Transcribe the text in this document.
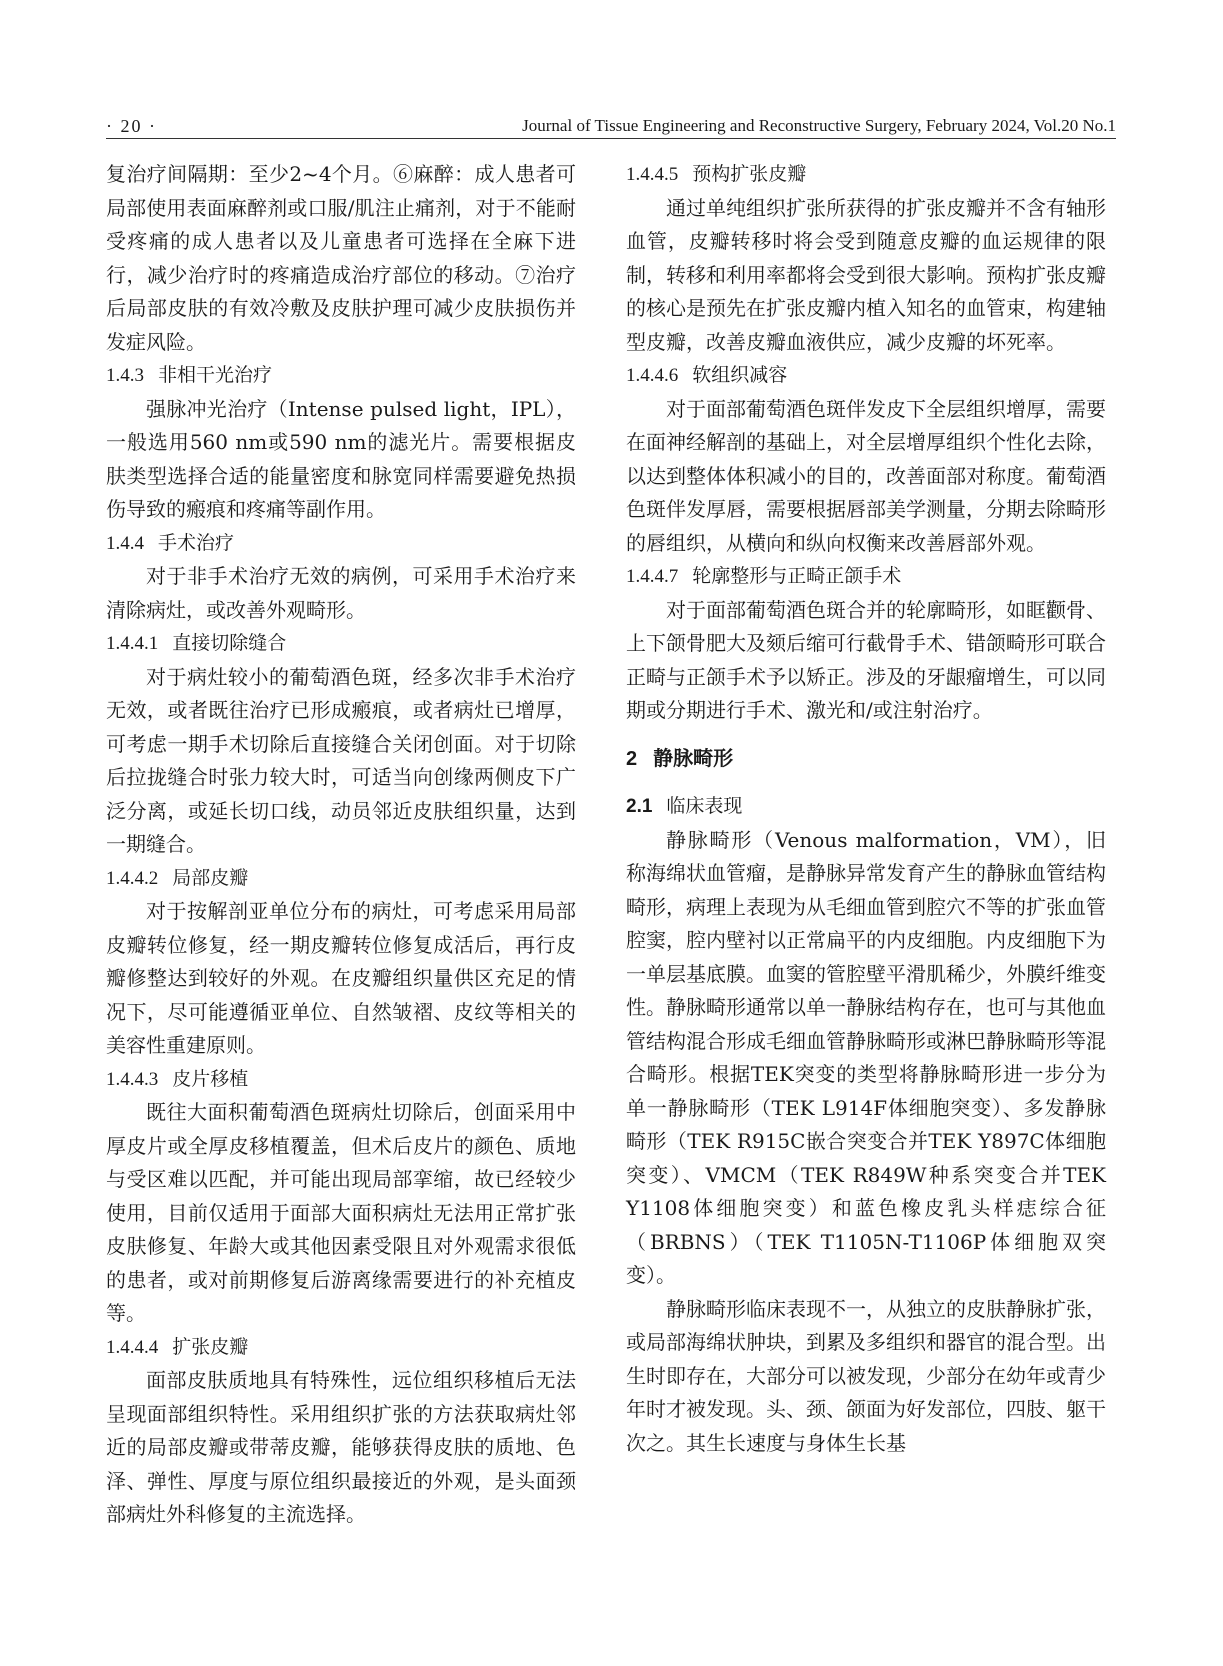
· 20 ·	Journal of Tissue Engineering and Reconstructive Surgery, February 2024, Vol.20 No.1

复治疗间隔期：至少2~4个月。⑥麻醉：成人患者可局部使用表面麻醉剂或口服/肌注止痛剂，对于不能耐受疼痛的成人患者以及儿童患者可选择在全麻下进行，减少治疗时的疼痛造成治疗部位的移动。⑦治疗后局部皮肤的有效冷敷及皮肤护理可减少皮肤损伤并发症风险。

1.4.3 非相干光治疗

强脉冲光治疗（Intense pulsed light，IPL），一般选用560 nm或590 nm的滤光片。需要根据皮肤类型选择合适的能量密度和脉宽同样需要避免热损伤导致的瘢痕和疼痛等副作用。

1.4.4 手术治疗

对于非手术治疗无效的病例，可采用手术治疗来清除病灶，或改善外观畸形。

1.4.4.1 直接切除缝合

对于病灶较小的葡萄酒色斑，经多次非手术治疗无效，或者既往治疗已形成瘢痕，或者病灶已增厚，可考虑一期手术切除后直接缝合关闭创面。对于切除后拉拢缝合时张力较大时，可适当向创缘两侧皮下广泛分离，或延长切口线，动员邻近皮肤组织量，达到一期缝合。

1.4.4.2 局部皮瓣

对于按解剖亚单位分布的病灶，可考虑采用局部皮瓣转位修复，经一期皮瓣转位修复成活后，再行皮瓣修整达到较好的外观。在皮瓣组织量供区充足的情况下，尽可能遵循亚单位、自然皱褶、皮纹等相关的美容性重建原则。

1.4.4.3 皮片移植

既往大面积葡萄酒色斑病灶切除后，创面采用中厚皮片或全厚皮移植覆盖，但术后皮片的颜色、质地与受区难以匹配，并可能出现局部挛缩，故已经较少使用，目前仅适用于面部大面积病灶无法用正常扩张皮肤修复、年龄大或其他因素受限且对外观需求很低的患者，或对前期修复后游离缘需要进行的补充植皮等。

1.4.4.4 扩张皮瓣

面部皮肤质地具有特殊性，远位组织移植后无法呈现面部组织特性。采用组织扩张的方法获取病灶邻近的局部皮瓣或带蒂皮瓣，能够获得皮肤的质地、色泽、弹性、厚度与原位组织最接近的外观，是头面颈部病灶外科修复的主流选择。

1.4.4.5 预构扩张皮瓣

通过单纯组织扩张所获得的扩张皮瓣并不含有轴形血管，皮瓣转移时将会受到随意皮瓣的血运规律的限制，转移和利用率都将会受到很大影响。预构扩张皮瓣的核心是预先在扩张皮瓣内植入知名的血管束，构建轴型皮瓣，改善皮瓣血液供应，减少皮瓣的坏死率。

1.4.4.6 软组织减容

对于面部葡萄酒色斑伴发皮下全层组织增厚，需要在面神经解剖的基础上，对全层增厚组织个性化去除，以达到整体体积减小的目的，改善面部对称度。葡萄酒色斑伴发厚唇，需要根据唇部美学测量，分期去除畸形的唇组织，从横向和纵向权衡来改善唇部外观。

1.4.4.7 轮廓整形与正畸正颌手术

对于面部葡萄酒色斑合并的轮廓畸形，如眶颧骨、上下颌骨肥大及颏后缩可行截骨手术、错颌畸形可联合正畸与正颌手术予以矫正。涉及的牙龈瘤增生，可以同期或分期进行手术、激光和/或注射治疗。

2 静脉畸形
2.1 临床表现

静脉畸形（Venous malformation，VM），旧称海绵状血管瘤，是静脉异常发育产生的静脉血管结构畸形，病理上表现为从毛细血管到腔穴不等的扩张血管腔窦，腔内壁衬以正常扁平的内皮细胞。内皮细胞下为一单层基底膜。血窦的管腔壁平滑肌稀少，外膜纤维变性。静脉畸形通常以单一静脉结构存在，也可与其他血管结构混合形成毛细血管静脉畸形或淋巴静脉畸形等混合畸形。根据TEK突变的类型将静脉畸形进一步分为单一静脉畸形（TEK L914F体细胞突变）、多发静脉畸形（TEK R915C嵌合突变合并TEK Y897C体细胞突变）、VMCM（TEK R849W种系突变合并TEK Y1108体细胞突变）和蓝色橡皮乳头样痣综合征（BRBNS）（TEK T1105N-T1106P体细胞双突变）。

静脉畸形临床表现不一，从独立的皮肤静脉扩张，或局部海绵状肿块，到累及多组织和器官的混合型。出生时即存在，大部分可以被发现，少部分在幼年或青少年时才被发现。头、颈、颌面为好发部位，四肢、躯干次之。其生长速度与身体生长基
